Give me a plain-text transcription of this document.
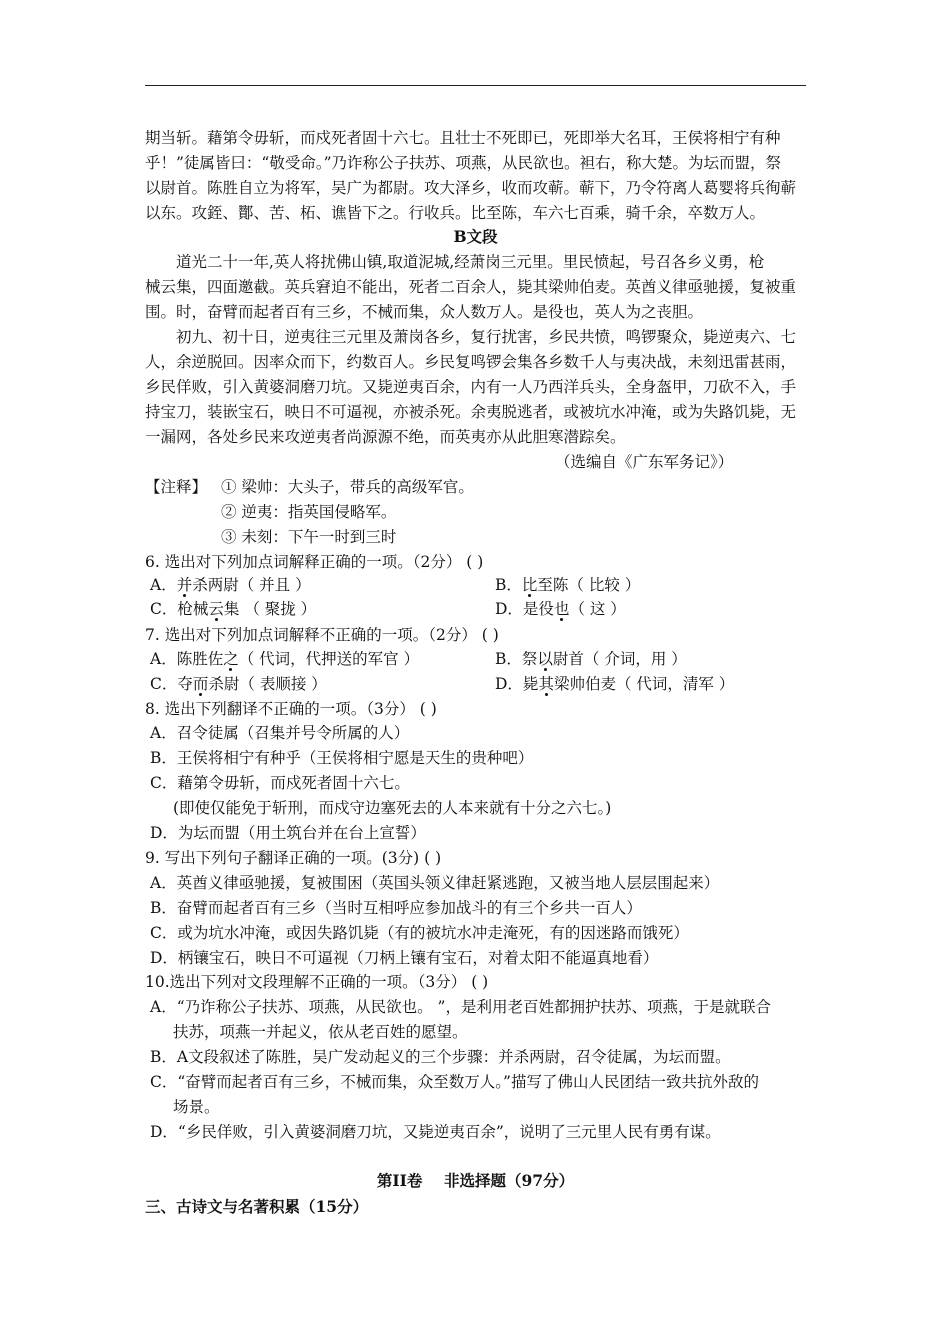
期当斩。藉第令毋斩，而戍死者固十六七。且壮士不死即已，死即举大名耳，王侯将相宁有种
乎！”徒属皆曰：“敬受命。”乃诈称公子扶苏、项燕，从民欲也。袒右，称大楚。为坛而盟，祭
以尉首。陈胜自立为将军，吴广为都尉。攻大泽乡，收而攻蕲。蕲下，乃令符离人葛婴将兵徇蕲
以东。攻銍、酇、苦、柘、谯皆下之。行收兵。比至陈，车六七百乘，骑千余，卒数万人。
B文段
道光二十一年,英人将扰佛山镇,取道泥城,经萧岗三元里。里民愤起，号召各乡义勇，枪
械云集，四面邀截。英兵窘迫不能出，死者二百余人，毙其梁帅伯麦。英酋义律亟驰援，复被重
围。时，奋臂而起者百有三乡，不械而集，众人数万人。是役也，英人为之丧胆。
初九、初十日，逆夷往三元里及萧岗各乡，复行扰害，乡民共愤，鸣锣聚众，毙逆夷六、七
人，余逆脱回。因率众而下，约数百人。乡民复鸣锣会集各乡数千人与夷决战，未刻迅雷甚雨，
乡民佯败，引入黄婆洞磨刀坑。又毙逆夷百余，内有一人乃西洋兵头，全身盔甲，刀砍不入，手
持宝刀，装嵌宝石，映日不可逼视，亦被杀死。余夷脱逃者，或被坑水冲淹，或为失路饥毙，无
一漏网，各处乡民来攻逆夷者尚源源不绝，而英夷亦从此胆寒潜踪矣。
（选编自《广东军务记》）
【注释】 ① 梁帅：大头子，带兵的高级军官。
② 逆夷：指英国侵略军。
③ 未刻：下午一时到三时
6. 选出对下列加点词解释正确的一项。（2分） ( )
A．并杀两尉（ 并且 ）	B．比至陈（ 比较 ）
C．枪械云集 （ 聚拢 ）	D．是役也（ 这 ）
7. 选出对下列加点词解释不正确的一项。（2分） ( )
A．陈胜佐之（ 代词，代押送的军官 ）	B．祭以尉首（ 介词，用 ）
C．夺而杀尉（ 表顺接 ）	D．毙其梁帅伯麦（ 代词，清军 ）
8. 选出下列翻译不正确的一项。（3分） ( )
A．召令徒属（召集并号令所属的人）
B．王侯将相宁有种乎（王侯将相宁愿是天生的贵种吧）
C．藉第令毋斩，而戍死者固十六七。
(即使仅能免于斩刑，而戍守边塞死去的人本来就有十分之六七。)
D．为坛而盟（用土筑台并在台上宣誓）
9. 写出下列句子翻译正确的一项。(3分) ( )
A．英酋义律亟驰援，复被围困（英国头领义律赶紧逃跑，又被当地人层层围起来）
B．奋臂而起者百有三乡（当时互相呼应参加战斗的有三个乡共一百人）
C．或为坑水冲淹，或因失路饥毙（有的被坑水冲走淹死，有的因迷路而饿死）
D．柄镶宝石，映日不可逼视（刀柄上镶有宝石，对着太阳不能逼真地看）
10.选出下列对文段理解不正确的一项。（3分） ( )
A．“乃诈称公子扶苏、项燕，从民欲也。 ”，是利用老百姓都拥护扶苏、项燕，于是就联合
扶苏，项燕一并起义，依从老百姓的愿望。
B．A文段叙述了陈胜，吴广发动起义的三个步骤：并杀两尉，召令徒属，为坛而盟。
C．“奋臂而起者百有三乡，不械而集，众至数万人。”描写了佛山人民团结一致共抗外敌的
场景。
D．“乡民佯败，引入黄婆洞磨刀坑，又毙逆夷百余”，说明了三元里人民有勇有谋。
第II卷    非选择题（97分）
三、古诗文与名著积累（15分）
